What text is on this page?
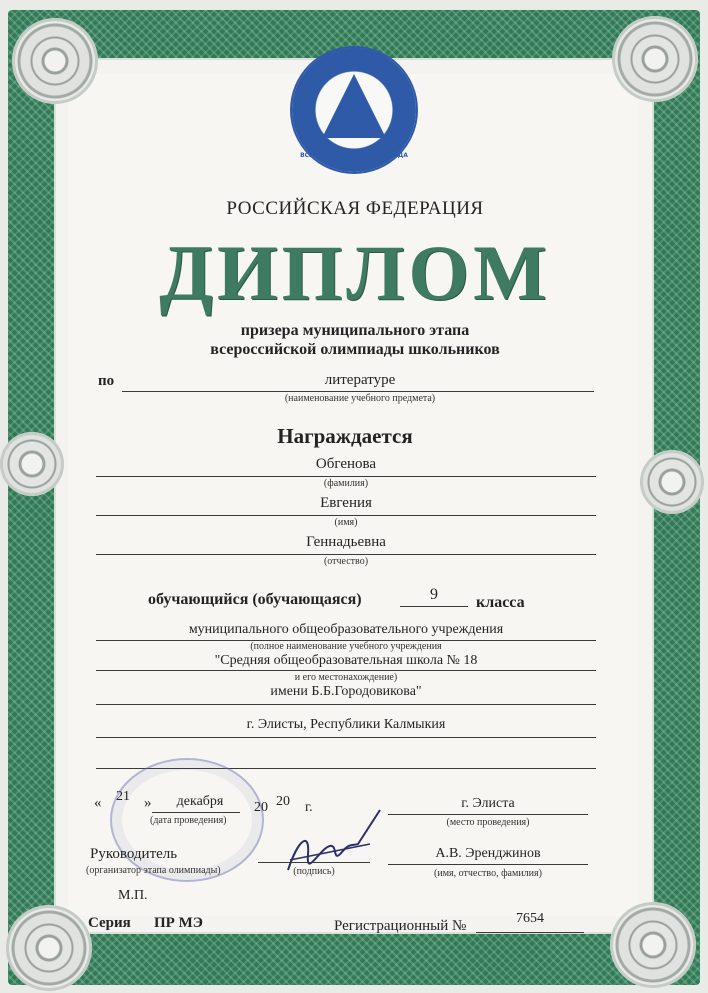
ВСЕРОССИЙСКАЯ ОЛИМПИАДА ШКОЛЬНИКОВ
РОССИЙСКАЯ ФЕДЕРАЦИЯ
ДИПЛОМ
призера муниципального этапа
всероссийской олимпиады школьников
по	литературе
(наименование учебного предмета)
Награждается
Обгенова
(фамилия)
Евгения
(имя)
Геннадьевна
(отчество)
обучающийся (обучающаяся)	9	класса
муниципального общеобразовательного учреждения
(полное наименование учебного учреждения
"Средняя общеобразовательная школа № 18
и его местонахождение)
имени Б.Б.Городовикова"
г. Элисты, Республики Калмыкия
«	21 »	декабря
(дата проведения)
20 20 г.	г. Элиста
(место проведения)
Руководитель
(организатор этапа олимпиады)	(подпись)
А.В. Эренджинов
(имя, отчество, фамилия)
М.П.
Серия ПР МЭ	Регистрационный №	7654
